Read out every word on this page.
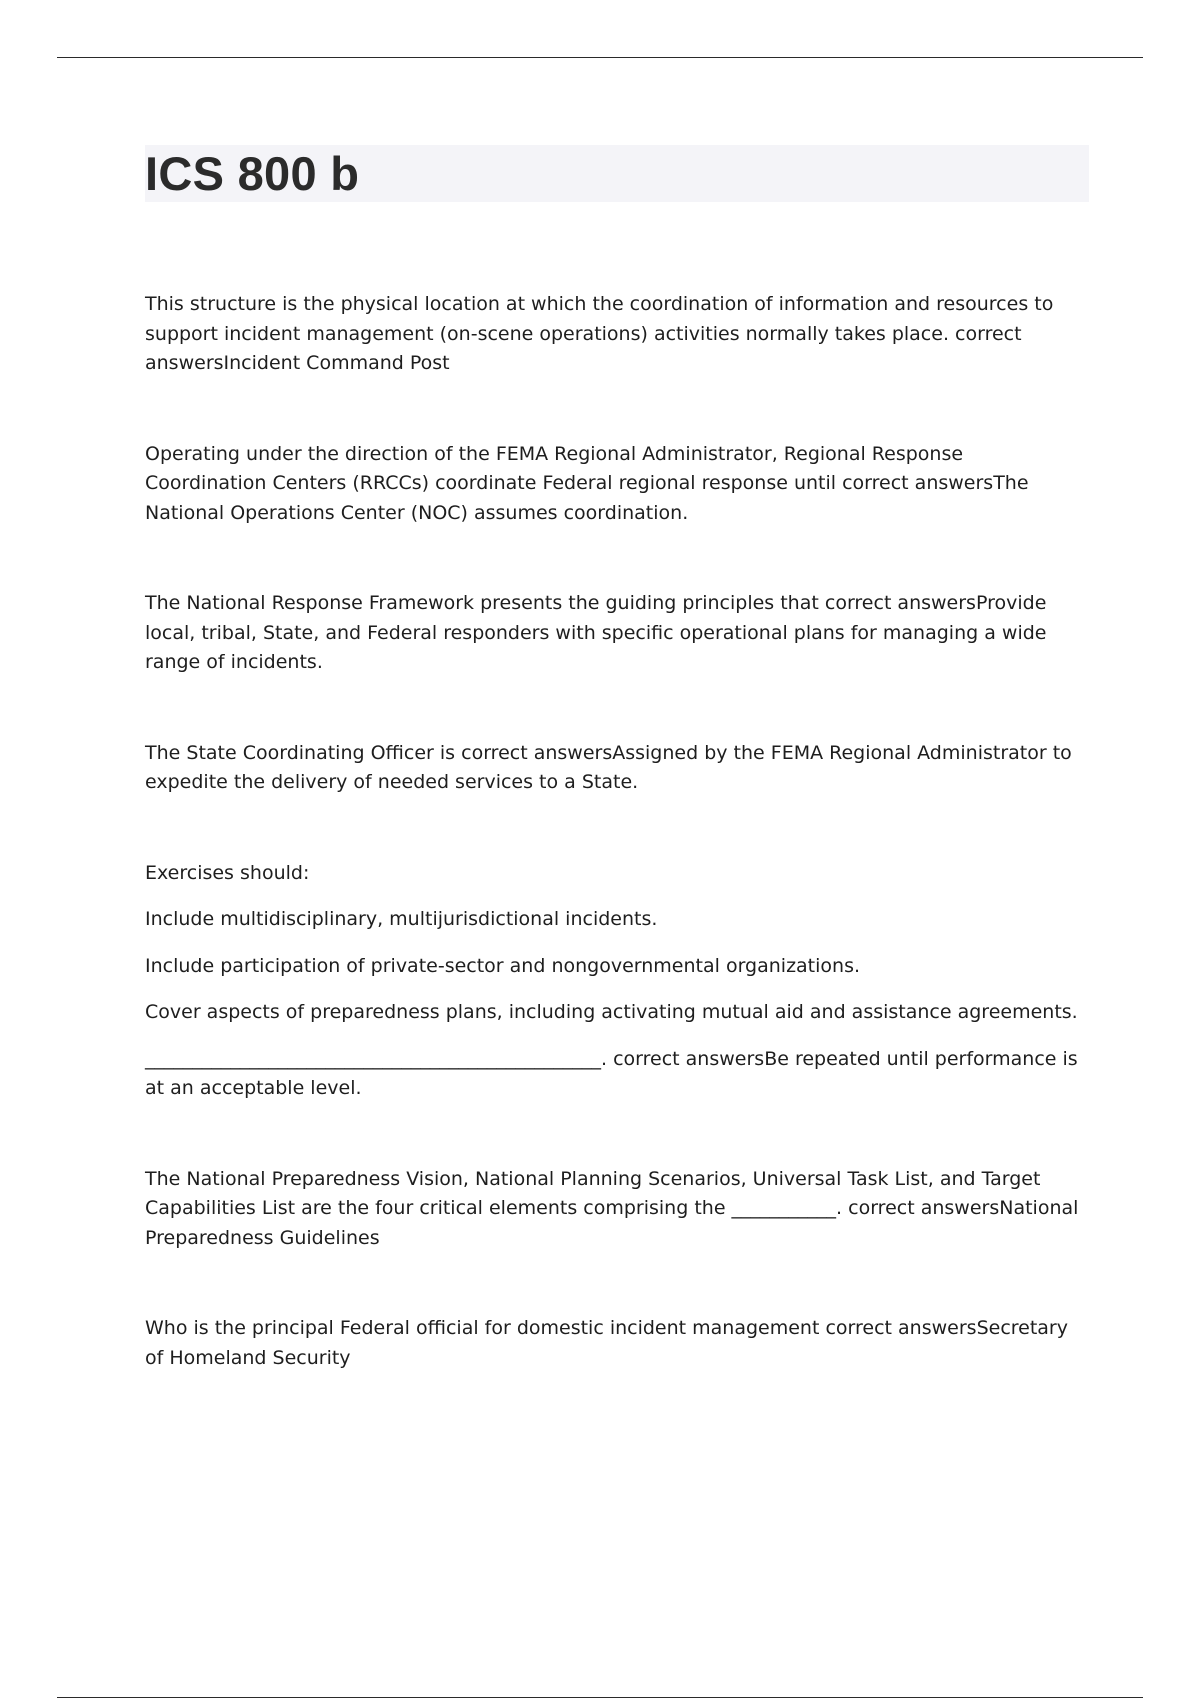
ICS 800 b

This structure is the physical location at which the coordination of information and resources to support incident management (on-scene operations) activities normally takes place. correct answersIncident Command Post

Operating under the direction of the FEMA Regional Administrator, Regional Response Coordination Centers (RRCCs) coordinate Federal regional response until correct answersThe National Operations Center (NOC) assumes coordination.

The National Response Framework presents the guiding principles that correct answersProvide local, tribal, State, and Federal responders with specific operational plans for managing a wide range of incidents.

The State Coordinating Officer is correct answersAssigned by the FEMA Regional Administrator to expedite the delivery of needed services to a State.

Exercises should:

Include multidisciplinary, multijurisdictional incidents.

Include participation of private-sector and nongovernmental organizations.

Cover aspects of preparedness plans, including activating mutual aid and assistance agreements.

________________________________________________. correct answersBe repeated until performance is at an acceptable level.

The National Preparedness Vision, National Planning Scenarios, Universal Task List, and Target Capabilities List are the four critical elements comprising the ___________. correct answersNational Preparedness Guidelines

Who is the principal Federal official for domestic incident management correct answersSecretary of Homeland Security
